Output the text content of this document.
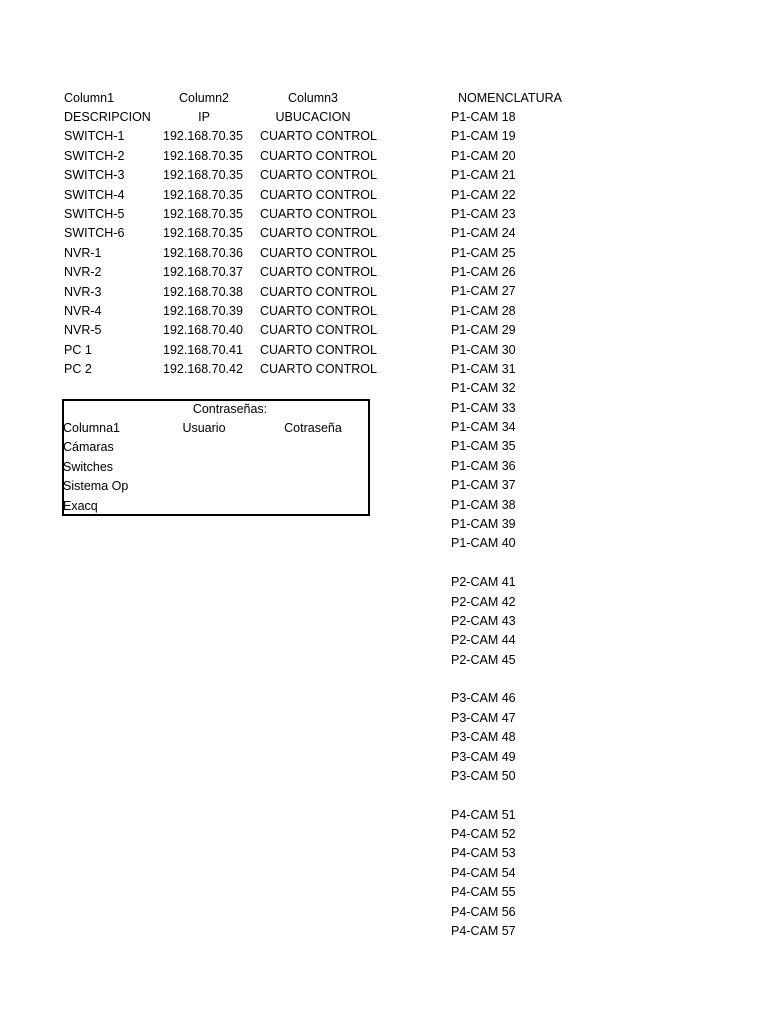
Column1	Column2	Column3
DESCRIPCION	IP	UBUCACION
SWITCH-1	192.168.70.35 CUARTO CONTROL
SWITCH-2	192.168.70.35 CUARTO CONTROL
SWITCH-3	192.168.70.35 CUARTO CONTROL
SWITCH-4	192.168.70.35 CUARTO CONTROL
SWITCH-5	192.168.70.35 CUARTO CONTROL
SWITCH-6	192.168.70.35 CUARTO CONTROL
NVR-1	192.168.70.36 CUARTO CONTROL
NVR-2	192.168.70.37 CUARTO CONTROL
NVR-3	192.168.70.38 CUARTO CONTROL
NVR-4	192.168.70.39 CUARTO CONTROL
NVR-5	192.168.70.40 CUARTO CONTROL
PC 1	192.168.70.41 CUARTO CONTROL
PC 2	192.168.70.42 CUARTO CONTROL
Contraseñas:
Columna1	Usuario	Cotraseña
Cámaras
Switches
Sistema Op
Exacq
NOMENCLATURA
P1-CAM 18
P1-CAM 19
P1-CAM 20
P1-CAM 21
P1-CAM 22
P1-CAM 23
P1-CAM 24
P1-CAM 25
P1-CAM 26
P1-CAM 27
P1-CAM 28
P1-CAM 29
P1-CAM 30
P1-CAM 31
P1-CAM 32
P1-CAM 33
P1-CAM 34
P1-CAM 35
P1-CAM 36
P1-CAM 37
P1-CAM 38
P1-CAM 39
P1-CAM 40
P2-CAM 41
P2-CAM 42
P2-CAM 43
P2-CAM 44
P2-CAM 45
P3-CAM 46
P3-CAM 47
P3-CAM 48
P3-CAM 49
P3-CAM 50
P4-CAM 51
P4-CAM 52
P4-CAM 53
P4-CAM 54
P4-CAM 55
P4-CAM 56
P4-CAM 57
